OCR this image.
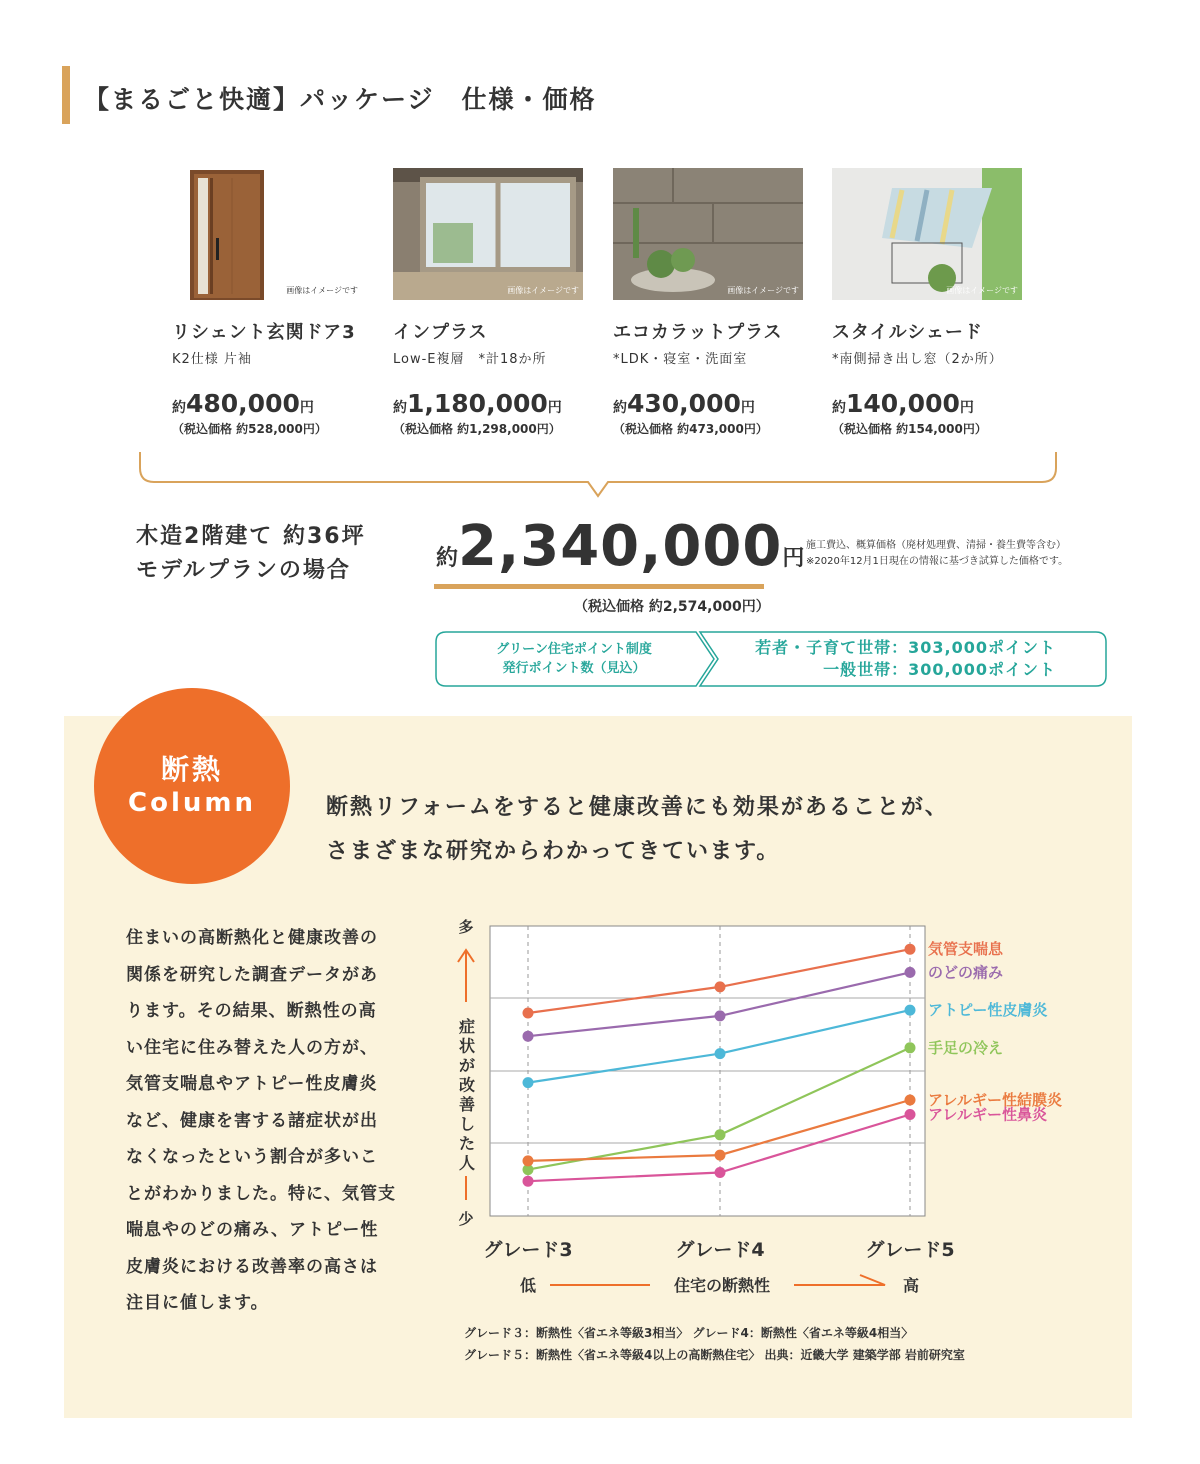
【まるごと快適】パッケージ　仕様・価格
画像はイメージです
リシェント玄関ドア3
K2仕様 片袖
約480,000円
（税込価格 約528,000円）
画像はイメージです
インプラス
Low-E複層　*計18か所
約1,180,000円
（税込価格 約1,298,000円）
画像はイメージです
エコカラットプラス
*LDK・寝室・洗面室
約430,000円
（税込価格 約473,000円）
画像はイメージです
スタイルシェード
*南側掃き出し窓（2か所）
約140,000円
（税込価格 約154,000円）
木造2階建て 約36坪
モデルプランの場合	約2,340,000円
（税込価格 約2,574,000円）
施工費込、概算価格（廃材処理費、清掃・養生費等含む）
※2020年12月1日現在の情報に基づき試算した価格です。
グリーン住宅ポイント制度
発行ポイント数（見込）
若者・子育て世帯：303,000ポイント
一般世帯：300,000ポイント
断熱
Column	断熱リフォームをすると健康改善にも効果があることが、
さまざまな研究からわかってきています。
住まいの高断熱化と健康改善の
関係を研究した調査データがあ
ります。その結果、断熱性の高
い住宅に住み替えた人の方が、
気管支喘息やアトピー性皮膚炎
など、健康を害する諸症状が出
なくなったという割合が多いこ
とがわかりました。特に、気管支
喘息やのどの痛み、アトピー性
皮膚炎における改善率の高さは
注目に値します。
多
少
症
状
が
改
善
し
た
人
グレード3	グレード4	グレード5
低	住宅の断熱性	高
気管支喘息
のどの痛み
アトピー性皮膚炎
手足の冷え
アレルギー性結膜炎
アレルギー性鼻炎
グレード３：断熱性〈省エネ等級3相当〉 グレード4：断熱性〈省エネ等級4相当〉
グレード５：断熱性〈省エネ等級4以上の高断熱住宅〉 出典：近畿大学 建築学部 岩前研究室
